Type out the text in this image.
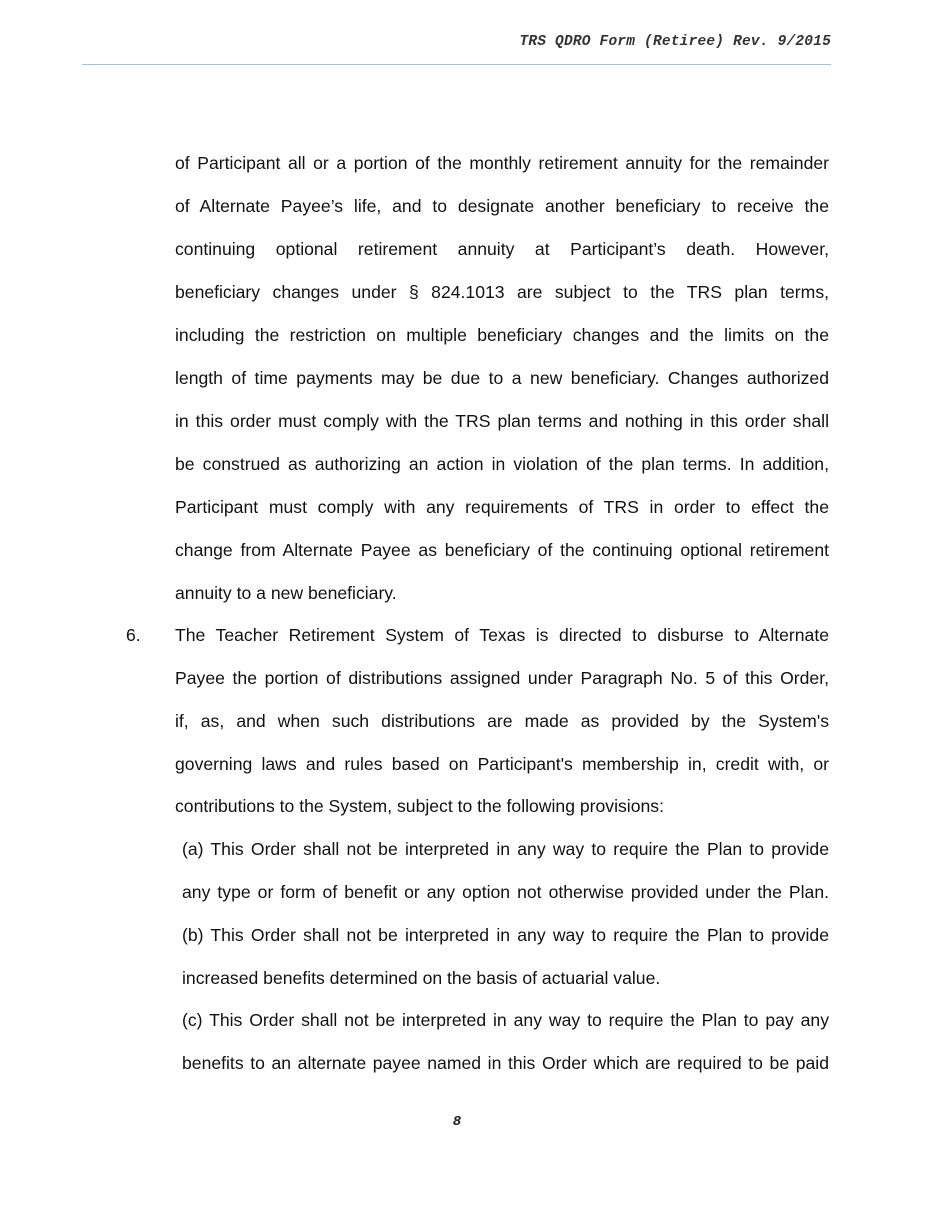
TRS QDRO Form (Retiree) Rev. 9/2015
of Participant all or a portion of the monthly retirement annuity for the remainder
of Alternate Payee’s life, and to designate another beneficiary to receive the
continuing optional retirement annuity at Participant’s death. However,
beneficiary changes under § 824.1013 are subject to the TRS plan terms,
including the restriction on multiple beneficiary changes and the limits on the
length of time payments may be due to a new beneficiary. Changes authorized
in this order must comply with the TRS plan terms and nothing in this order shall
be construed as authorizing an action in violation of the plan terms. In addition,
Participant must comply with any requirements of TRS in order to effect the
change from Alternate Payee as beneficiary of the continuing optional retirement
annuity to a new beneficiary.
6. The Teacher Retirement System of Texas is directed to disburse to Alternate
Payee the portion of distributions assigned under Paragraph No. 5 of this Order,
if, as, and when such distributions are made as provided by the System's
governing laws and rules based on Participant's membership in, credit with, or
contributions to the System, subject to the following provisions:
(a) This Order shall not be interpreted in any way to require the Plan to provide
any type or form of benefit or any option not otherwise provided under the Plan.
(b) This Order shall not be interpreted in any way to require the Plan to provide
increased benefits determined on the basis of actuarial value.
(c) This Order shall not be interpreted in any way to require the Plan to pay any
benefits to an alternate payee named in this Order which are required to be paid
8
